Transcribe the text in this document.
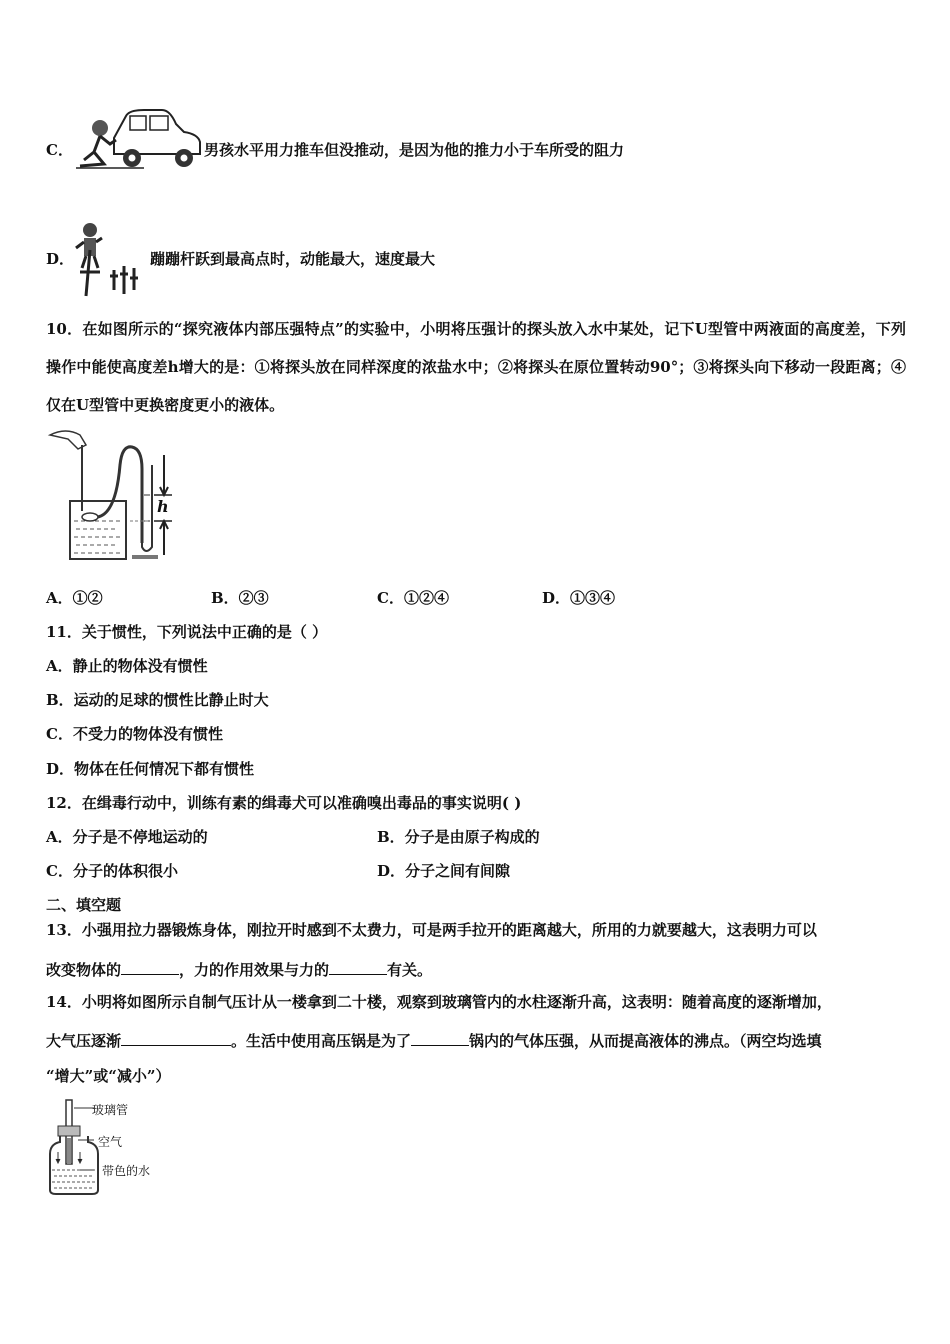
C．	男孩水平用力推车但没推动，是因为他的推力小于车所受的阻力
D．	蹦蹦杆跃到最高点时，动能最大，速度最大
10．在如图所示的“探究液体内部压强特点”的实验中，小明将压强计的探头放入水中某处，记下U型管中两液面的高度差，下列操作中能使高度差h增大的是：①将探头放在同样深度的浓盐水中；②将探头在原位置转动90°；③将探头向下移动一段距离；④仅在U型管中更换密度更小的液体。
h
A．①②	B．②③	C．①②④	D．①③④
11．关于惯性，下列说法中正确的是（ ）
A．静止的物体没有惯性
B．运动的足球的惯性比静止时大
C．不受力的物体没有惯性
D．物体在任何情况下都有惯性
12．在缉毒行动中，训练有素的缉毒犬可以准确嗅出毒品的事实说明( )
A．分子是不停地运动的	B．分子是由原子构成的
C．分子的体积很小	D．分子之间有间隙
二、填空题
13．小强用拉力器锻炼身体，刚拉开时感到不太费力，可是两手拉开的距离越大，所用的力就要越大，这表明力可以
改变物体的	，力的作用效果与力的	有关。
14．小明将如图所示自制气压计从一楼拿到二十楼，观察到玻璃管内的水柱逐渐升高，这表明：随着高度的逐渐增加，
大气压逐渐	。生活中使用高压锅是为了	锅内的气体压强，从而提高液体的沸点。（两空均选填
“增大”或“减小”）
玻璃管
空气
带色的水
